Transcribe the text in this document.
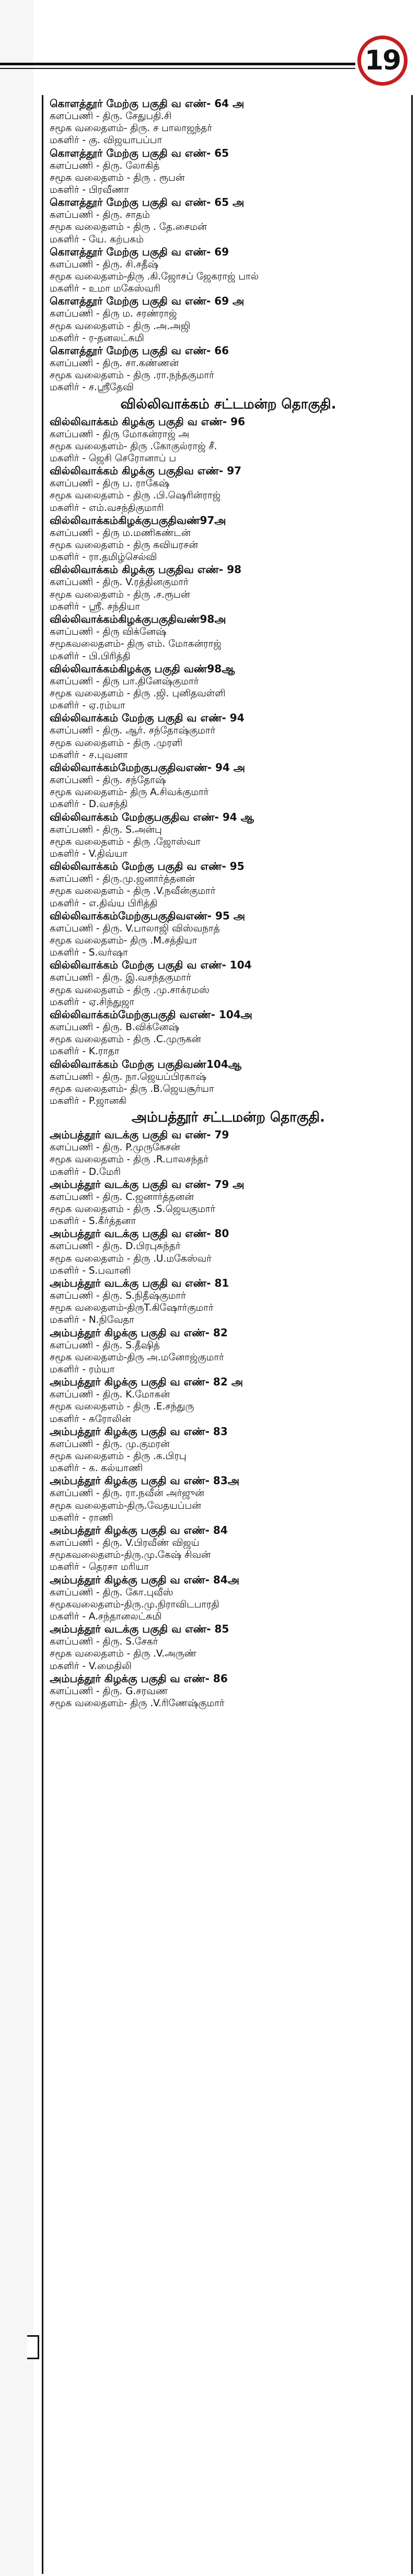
19
கொளத்தூர் மேற்கு பகுதி வ எண்- 64 அ
களப்பணி - திரு. சேதுபதி.சி
சமூக வலைதளம்- திரு. ச பாலாஜந்தர்
மகளிர் - கு. விஜயாபப்பா
கொளத்தூர் மேற்கு பகுதி வ எண்- 65
களப்பணி - திரு. லோகித்
சமூக வலைதளம் - திரு . ரூபன்
மகளிர் - பிரவீணா
கொளத்தூர் மேற்கு பகுதி வ எண்- 65 அ
களப்பணி - திரு. சாதம்
சமூக வலைதளம் - திரு . தே.சைமன்
மகளிர் - யே. கற்பகம்
கொளத்தூர் மேற்கு பகுதி வ எண்- 69
களப்பணி - திரு. சி.சதீஷ்
சமூக வலைதளம்-திரு .கி.ஜோசப் ஜேகராஜ் பால்
மகளிர் - உமா மகேஸ்வரி
கொளத்தூர் மேற்கு பகுதி வ எண்- 69 அ
களப்பணி - திரு ம. சரண்ராஜ்
சமூக வலைதளம் - திரு .அ.அஜி
மகளிர் - ர-தனலட்சுமி
கொளத்தூர் மேற்கு பகுதி வ எண்- 66
களப்பணி - திரு. சா.கண்ணன்
சமூக வலைதளம் - திரு .ரா.நந்தகுமார்
மகளிர் - ச.ஸ்ரீதேவி
வில்லிவாக்கம் சட்டமன்ற தொகுதி.
வில்லிவாக்கம் கிழக்கு பகுதி வ எண்- 96
களப்பணி - திரு மோகன்ராஜ் அ
சமூக வலைதளம்- திரு .கோகுல்ராஜ் சீ.
மகளிர் - ஜெசி செரோனாப் ப
வில்லிவாக்கம் கிழக்கு பகுதிவ எண்- 97
களப்பணி - திரு ப. ராகேஷ்
சமூக வலைதளம் - திரு .பி.ஷெரின்ராஜ்
மகளிர் - எம்.வசந்திகுமாரி
வில்லிவாக்கம்கிழக்குபகுதிவண்97அ
களப்பணி - திரு ம.மணிகண்டன்
சமூக வலைதளம் - திரு கவியரசன்
மகளிர் - ரா.தமிழ்செல்வி
வில்லிவாக்கம் கிழக்கு பகுதிவ எண்- 98
களப்பணி - திரு. V.ரத்தினகுமார்
சமூக வலைதளம் - திரு .ச.ரூபன்
மகளிர் - ஸ்ரீ. சந்தியா
வில்லிவாக்கம்கிழக்குபகுதிவண்98அ
களப்பணி - திரு விக்னேஷ்
சமூகவலைதளம்- திரு எம். மோகன்ராஜ்
மகளிர் - பி.பிரித்தி
வில்லிவாக்கம்கிழக்கு பகுதி வண்98ஆ
களப்பணி - திரு பா.தினேஷ்குமார்
சமூக வலைதளம் - திரு .ஜி. புனிதவள்ளி
மகளிர் - ஏ.ரம்யா
வில்லிவாக்கம் மேற்கு பகுதி வ எண்- 94
களப்பணி - திரு. ஆர். சந்தோஷ்குமார்
சமூக வலைதளம் - திரு .முரளி
மகளிர் - ச.புவனா
வில்லிவாக்கம்மேற்குபகுதிவஎண்- 94 அ
களப்பணி - திரு. சந்தோஷ்
சமூக வலைதளம்- திரு A.சிவக்குமார்
மகளிர் - D.வசந்தி
வில்லிவாக்கம் மேற்குபகுதிவ எண்- 94 ஆ
களப்பணி - திரு. S.அன்பு
சமூக வலைதளம் - திரு .ஜோஸ்வா
மகளிர் - V.திவ்யா
வில்லிவாக்கம் மேற்கு பகுதி வ எண்- 95
களப்பணி - திரு.மு.ஜனார்த்தனன்
சமூக வலைதளம் - திரு .V.நவீன்குமார்
மகளிர் - எ.திவ்ய பிரித்தி
வில்லிவாக்கம்மேற்குபகுதிவஎண்- 95 அ
களப்பணி - திரு. V.பாலாஜி விஸ்வநாத்
சமூக வலைதளம்- திரு .M.சத்தியா
மகளிர் - S.வர்ஷா
வில்லிவாக்கம் மேற்கு பகுதி வ எண்- 104
களப்பணி - திரு. இ.வசந்தகுமார்
சமூக வலைதளம் - திரு .மு.சாக்ரமஸ்
மகளிர் - ஏ.சிந்துஜா
வில்லிவாக்கம்மேற்குபகுதி வஎண்- 104அ
களப்பணி - திரு. B.விக்னேஷ்
சமூக வலைதளம் - திரு .C.முருகன்
மகளிர் - K.ராதா
வில்லிவாக்கம் மேற்கு பகுதிவண்104ஆ
களப்பணி - திரு. நா.ஜெயப்பிரகாஷ்
சமூக வலைதளம்- திரு .B.ஜெயசூர்யா
மகளிர் - P.ஜானகி
அம்பத்தூர் சட்டமன்ற தொகுதி.
அம்பத்தூர் வடக்கு பகுதி வ எண்- 79
களப்பணி - திரு. P.முருகேசன்
சமூக வலைதளம் - திரு .R.பாலசந்தர்
மகளிர் - D.மேரி
அம்பத்தூர் வடக்கு பகுதி வ எண்- 79 அ
களப்பணி - திரு. C.ஜனார்த்தனன்
சமூக வலைதளம் - திரு .S.ஜெயகுமார்
மகளிர் - S.கீர்த்தனா
அம்பத்தூர் வடக்கு பகுதி வ எண்- 80
களப்பணி - திரு. D.பிரபுசுந்தர்
சமூக வலைதளம் - திரு .U.மகேஸ்வர்
மகளிர் - S.பவானி
அம்பத்தூர் வடக்கு பகுதி வ எண்- 81
களப்பணி - திரு. S.நிதீஷ்குமார்
சமூக வலைதளம்-திருT.கிஷோர்குமார்
மகளிர் - N.நிவேதா
அம்பத்தூர் கிழக்கு பகுதி வ எண்- 82
களப்பணி - திரு. S.தீஷித்
சமூக வலைதளம்-திரு அ.மனோஜ்குமார்
மகளிர் - ரம்யா
அம்பத்தூர் கிழக்கு பகுதி வ எண்- 82 அ
களப்பணி - திரு. K.மோகன்
சமூக வலைதளம் - திரு .E.சந்துரு
மகளிர் - சுரோலின்
அம்பத்தூர் கிழக்கு பகுதி வ எண்- 83
களப்பணி - திரு. மு.குமரன்
சமூக வலைதளம் - திரு .க.பிரபு
மகளிர் - க. கல்யாணி
அம்பத்தூர் கிழக்கு பகுதி வ எண்- 83அ
களப்பணி - திரு. ரா.நவீன் அர்ஜுன்
சமூக வலைதளம்-திரு.வேதயப்பன்
மகளிர் - ராணி
அம்பத்தூர் கிழக்கு பகுதி வ எண்- 84
களப்பணி - திரு. V.பிரவீண் விஜய்
சமூகவலைதளம்-திரு.மு.கேஷ் சிவன்
மகளிர் - தெரசா மரியா
அம்பத்தூர் கிழக்கு பகுதி வ எண்- 84அ
களப்பணி - திரு. கோ.புவீஸ்
சமூகவலைதளம்-திரு.மு.நிராவிடபாரதி
மகளிர் - A.சந்தானலட்சுமி
அம்பத்தூர் வடக்கு பகுதி வ எண்- 85
களப்பணி - திரு. S.சேகர்
சமூக வலைதளம் - திரு .V.அருண்
மகளிர் - V.மைதிலி
அம்பத்தூர் கிழக்கு பகுதி வ எண்- 86
களப்பணி - திரு. G.சரவண
சமூக வலைதளம்- திரு .V.ரிணேஷ்குமார்
